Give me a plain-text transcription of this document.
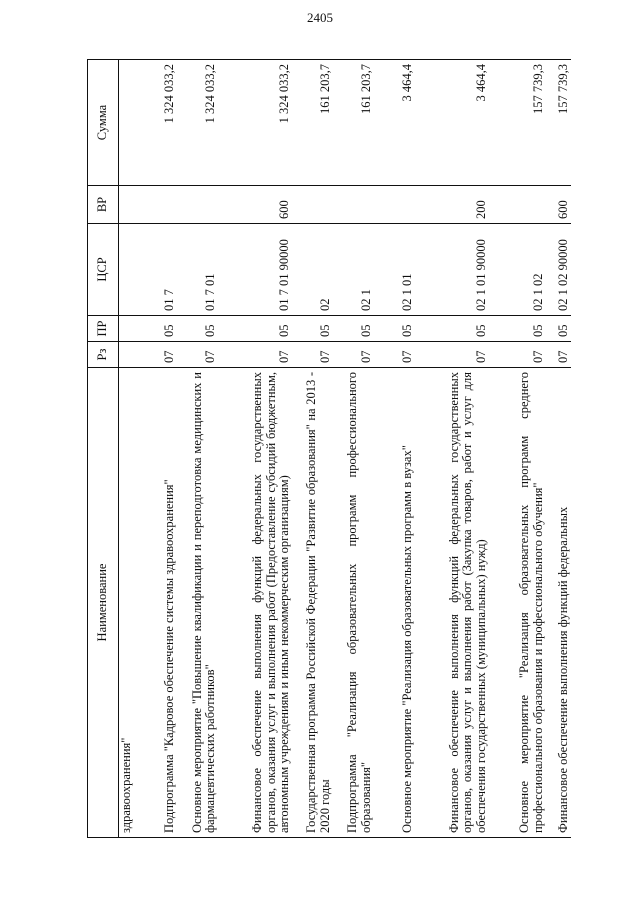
2405
Наименование	Рз	ПР	ЦСР	ВР	Сумма
здравоохранения"					
Подпрограмма "Кадровое обеспечение системы здравоохранения"	07	05	01 7		1 324 033,2
Основное мероприятие "Повышение квалификации и переподготовка медицинских и фармацевтических работников"	07	05	01 7 01		1 324 033,2
Финансовое обеспечение выполнения функций федеральных государственных органов, оказания услуг и выполнения работ (Предоставление субсидий бюджетным, автономным учреждениям и иным некоммерческим организациям)	07	05	01 7 01 90000	600	1 324 033,2
Государственная программа Российской Федерации "Развитие образования" на 2013 - 2020 годы	07	05	02		161 203,7
Подпрограмма "Реализация образовательных программ профессионального образования"	07	05	02 1		161 203,7
Основное мероприятие "Реализация образовательных программ в вузах"	07	05	02 1 01		3 464,4
Финансовое обеспечение выполнения функций федеральных государственных органов, оказания услуг и выполнения работ (Закупка товаров, работ и услуг для обеспечения государственных (муниципальных) нужд)	07	05	02 1 01 90000	200	3 464,4
Основное мероприятие "Реализация образовательных программ среднего профессионального образования и профессионального обучения"	07	05	02 1 02		157 739,3
Финансовое обеспечение выполнения функций федеральных	07	05	02 1 02 90000	600	157 739,3
